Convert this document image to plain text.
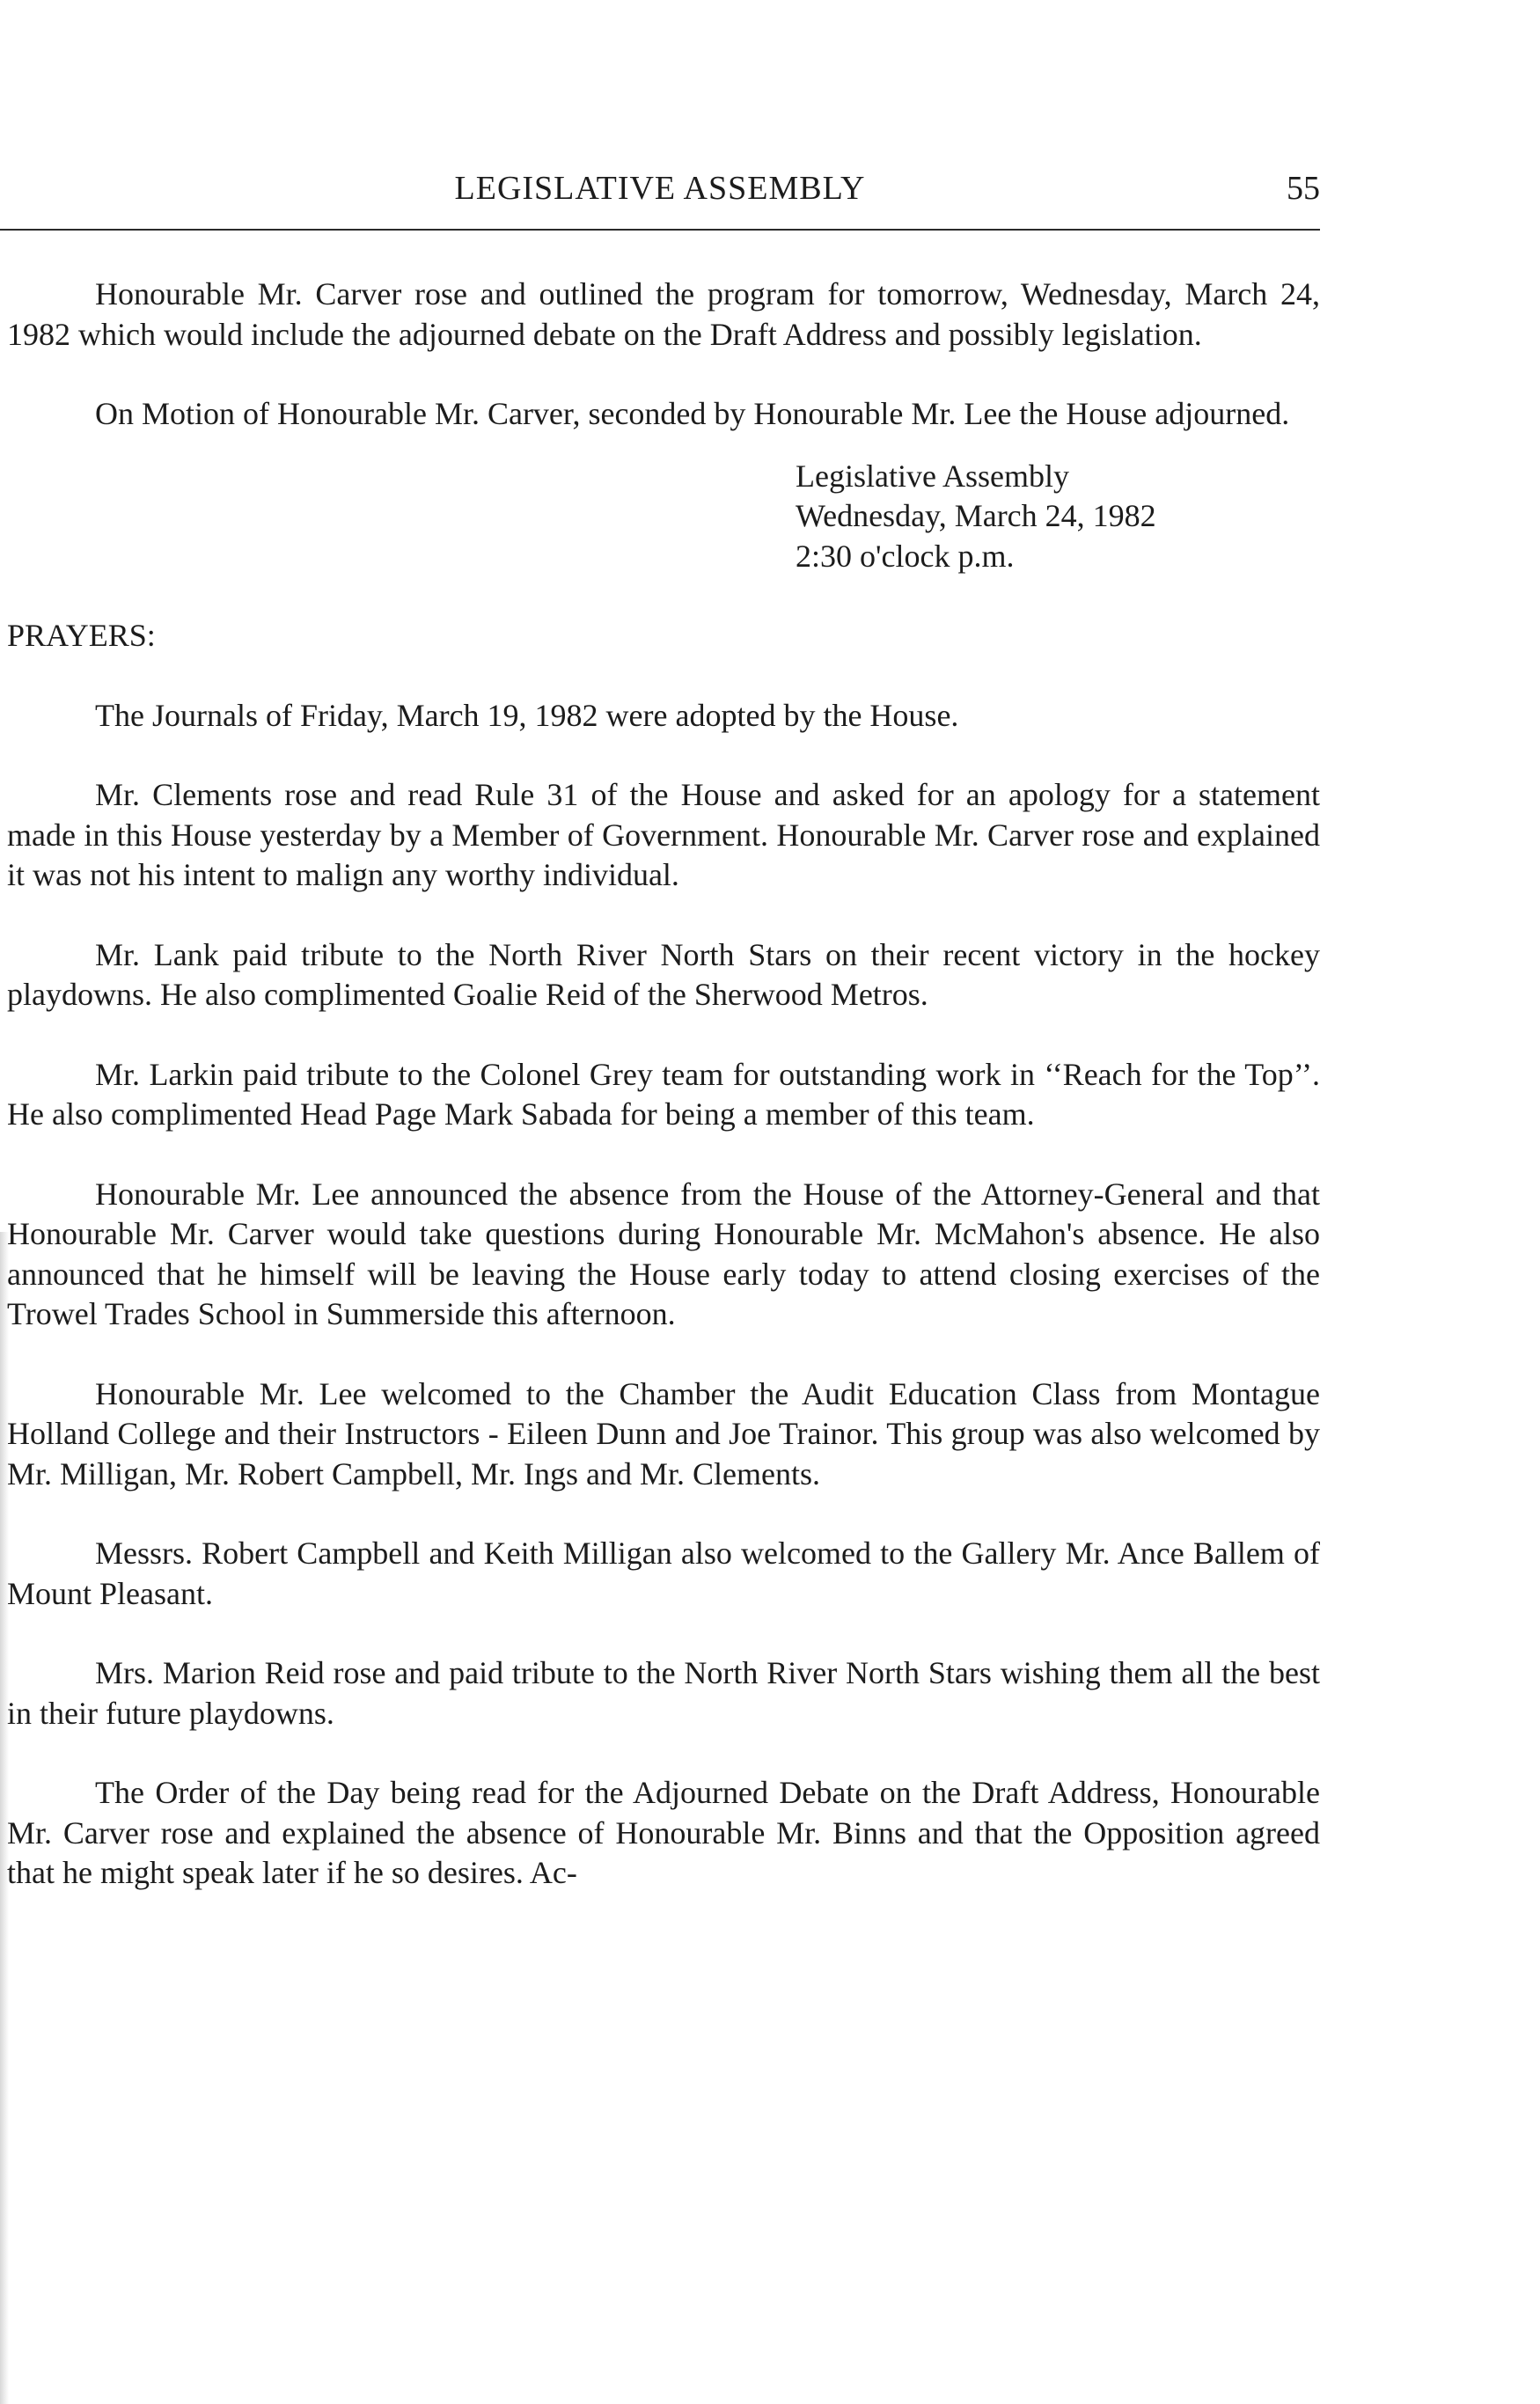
LEGISLATIVE ASSEMBLY	55

Honourable Mr. Carver rose and outlined the program for tomorrow, Wednesday, March 24, 1982 which would include the adjourned debate on the Draft Address and possibly legislation.

On Motion of Honourable Mr. Carver, seconded by Honourable Mr. Lee the House adjourned.

Legislative Assembly
Wednesday, March 24, 1982
2:30 o'clock p.m.

PRAYERS:

The Journals of Friday, March 19, 1982 were adopted by the House.

Mr. Clements rose and read Rule 31 of the House and asked for an apology for a statement made in this House yesterday by a Member of Government. Honourable Mr. Carver rose and explained it was not his intent to malign any worthy individual.

Mr. Lank paid tribute to the North River North Stars on their recent victory in the hockey playdowns. He also complimented Goalie Reid of the Sherwood Metros.

Mr. Larkin paid tribute to the Colonel Grey team for outstanding work in ‘‘Reach for the Top’’. He also complimented Head Page Mark Sabada for being a member of this team.

Honourable Mr. Lee announced the absence from the House of the Attorney-General and that Honourable Mr. Carver would take questions during Honourable Mr. McMahon's absence. He also announced that he himself will be leaving the House early today to attend closing exercises of the Trowel Trades School in Summerside this afternoon.

Honourable Mr. Lee welcomed to the Chamber the Audit Education Class from Montague Holland College and their Instructors - Eileen Dunn and Joe Trainor. This group was also welcomed by Mr. Milligan, Mr. Robert Campbell, Mr. Ings and Mr. Clements.

Messrs. Robert Campbell and Keith Milligan also welcomed to the Gallery Mr. Ance Ballem of Mount Pleasant.

Mrs. Marion Reid rose and paid tribute to the North River North Stars wishing them all the best in their future playdowns.

The Order of the Day being read for the Adjourned Debate on the Draft Address, Honourable Mr. Carver rose and explained the absence of Honourable Mr. Binns and that the Opposition agreed that he might speak later if he so desires. Ac-
